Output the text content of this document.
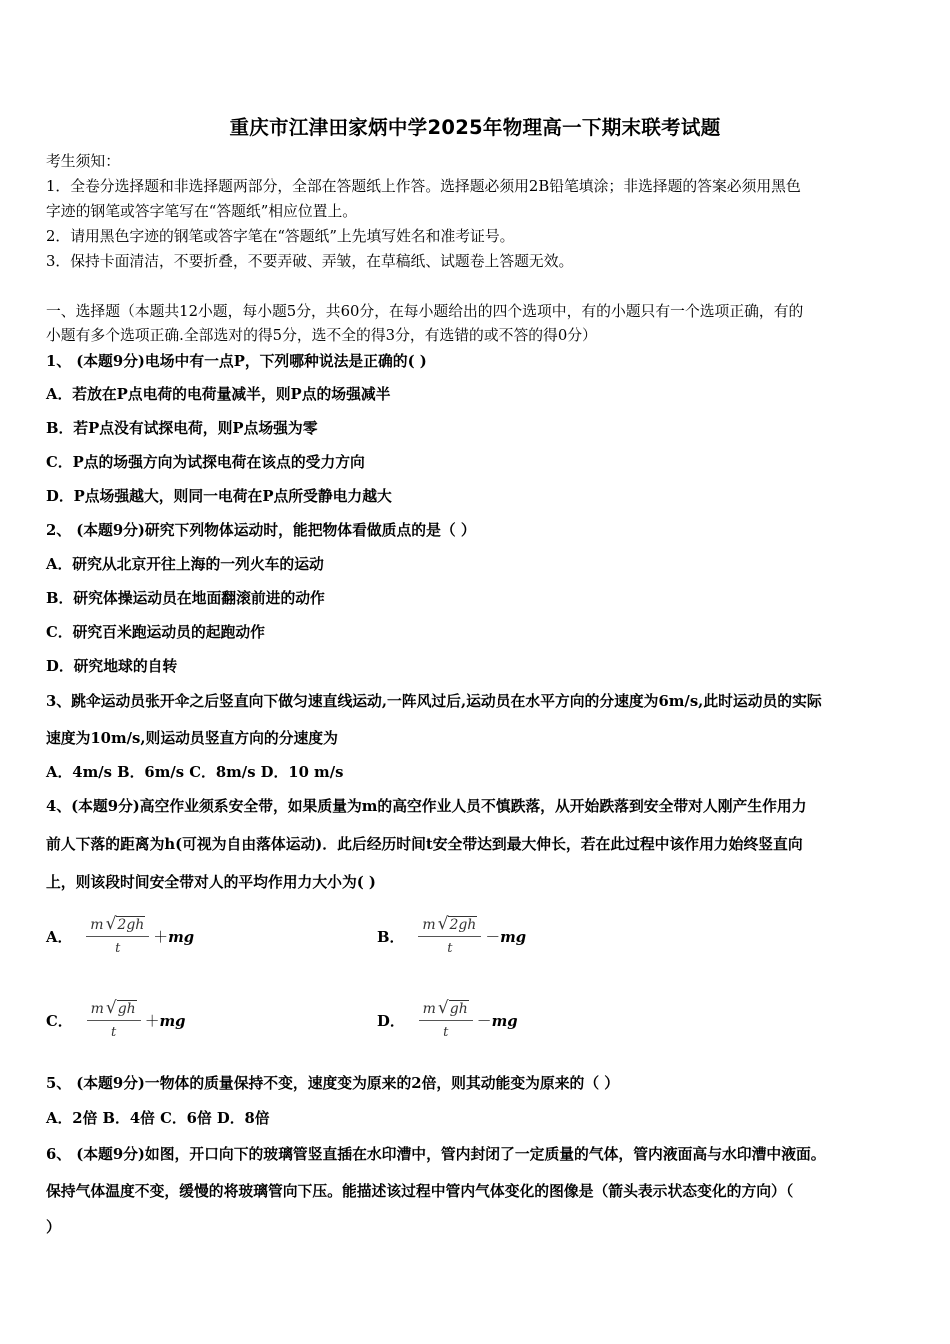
重庆市江津田家炳中学2025年物理高一下期末联考试题
考生须知：
1．全卷分选择题和非选择题两部分，全部在答题纸上作答。选择题必须用2B铅笔填涂；非选择题的答案必须用黑色
字迹的钢笔或答字笔写在“答题纸”相应位置上。
2．请用黑色字迹的钢笔或答字笔在“答题纸”上先填写姓名和准考证号。
3．保持卡面清洁，不要折叠，不要弄破、弄皱，在草稿纸、试题卷上答题无效。
一、选择题（本题共12小题，每小题5分，共60分，在每小题给出的四个选项中，有的小题只有一个选项正确，有的
小题有多个选项正确.全部选对的得5分，选不全的得3分，有选错的或不答的得0分）
1、 (本题9分)电场中有一点P，下列哪种说法是正确的( )
A．若放在P点电荷的电荷量减半，则P点的场强减半
B．若P点没有试探电荷，则P点场强为零
C．P点的场强方向为试探电荷在该点的受力方向
D．P点场强越大，则同一电荷在P点所受静电力越大
2、 (本题9分)研究下列物体运动时，能把物体看做质点的是（ ）
A．研究从北京开往上海的一列火车的运动
B．研究体操运动员在地面翻滚前进的动作
C．研究百米跑运动员的起跑动作
D．研究地球的自转
3、跳伞运动员张开伞之后竖直向下做匀速直线运动,一阵风过后,运动员在水平方向的分速度为6m/s,此时运动员的实际
速度为10m/s,则运动员竖直方向的分速度为
A．4m/s B．6m/s C．8m/s D．10 m/s
4、(本题9分)高空作业须系安全带，如果质量为m的高空作业人员不慎跌落，从开始跌落到安全带对人刚产生作用力
前人下落的距离为h(可视为自由落体运动)．此后经历时间t安全带达到最大伸长，若在此过程中该作用力始终竖直向
上，则该段时间安全带对人的平均作用力大小为( )
A． $\frac{m √ 2gh}{t} +mg$	B． $\frac{m √ 2gh}{t} -mg$
C． $\frac{m √ gh}{t} +mg$	D． $\frac{m √ gh}{t} -mg$
5、 (本题9分)一物体的质量保持不变，速度变为原来的2倍，则其动能变为原来的（ ）
A．2倍 B．4倍 C．6倍 D．8倍
6、 (本题9分)如图，开口向下的玻璃管竖直插在水印漕中，管内封闭了一定质量的气体，管内液面高与水印漕中液面。
保持气体温度不变，缓慢的将玻璃管向下压。能描述该过程中管内气体变化的图像是（箭头表示状态变化的方向）（
）
